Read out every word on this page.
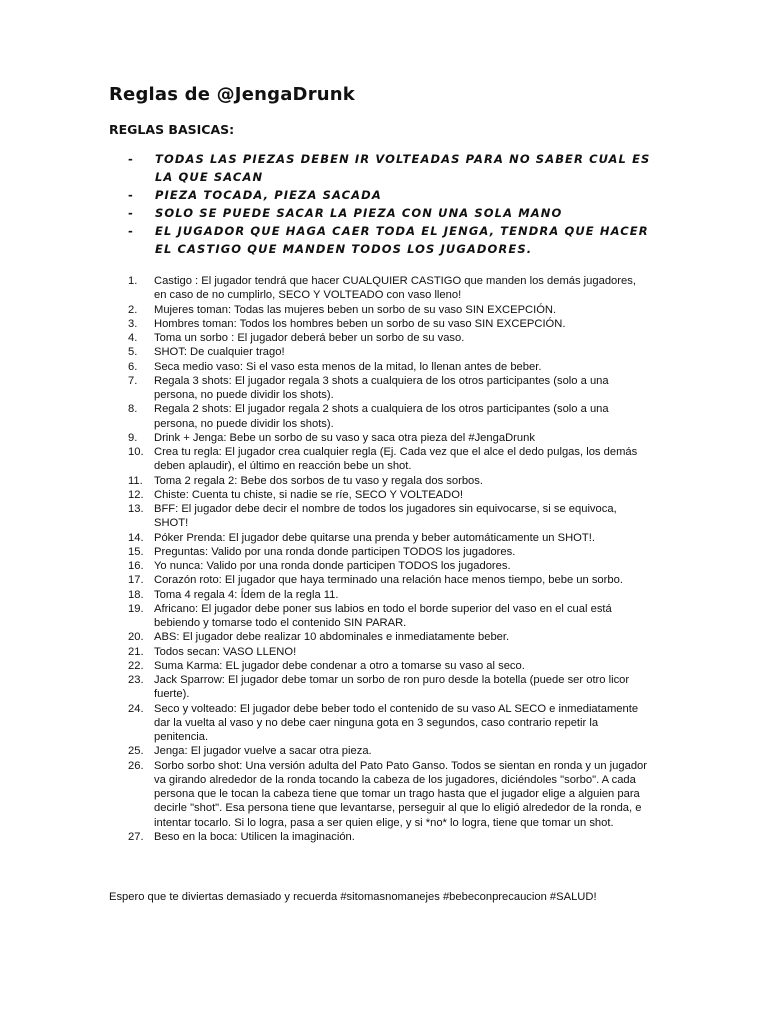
Reglas de @JengaDrunk
REGLAS BASICAS:
- TODAS LAS PIEZAS DEBEN IR VOLTEADAS PARA NO SABER CUAL ES LA QUE SACAN
- PIEZA TOCADA, PIEZA SACADA
- SOLO SE PUEDE SACAR LA PIEZA CON UNA SOLA MANO
- EL JUGADOR QUE HAGA CAER TODA EL JENGA, TENDRA QUE HACER EL CASTIGO QUE MANDEN TODOS LOS JUGADORES.
1. Castigo : El jugador tendrá que hacer CUALQUIER CASTIGO que manden los demás jugadores, en caso de no cumplirlo, SECO Y VOLTEADO con vaso lleno!
2. Mujeres toman: Todas las mujeres beben un sorbo de su vaso SIN EXCEPCIÓN.
3. Hombres toman: Todos los hombres beben un sorbo de su vaso SIN EXCEPCIÓN.
4. Toma un sorbo : El jugador deberá beber un sorbo de su vaso.
5. SHOT: De cualquier trago!
6. Seca medio vaso: Si el vaso esta menos de la mitad, lo llenan antes de beber.
7. Regala 3 shots: El jugador regala 3 shots a cualquiera de los otros participantes (solo a una persona, no puede dividir los shots).
8. Regala 2 shots: El jugador regala 2 shots a cualquiera de los otros participantes (solo a una persona, no puede dividir los shots).
9. Drink + Jenga: Bebe un sorbo de su vaso y saca otra pieza del #JengaDrunk
10. Crea tu regla: El jugador crea cualquier regla (Ej. Cada vez que el alce el dedo pulgas, los demás deben aplaudir), el último en reacción bebe un shot.
11. Toma 2 regala 2: Bebe dos sorbos de tu vaso y regala dos sorbos.
12. Chiste: Cuenta tu chiste, si nadie se ríe, SECO Y VOLTEADO!
13. BFF: El jugador debe decir el nombre de todos los jugadores sin equivocarse, si se equivoca, SHOT!
14. Póker Prenda: El jugador debe quitarse una prenda y beber automáticamente un SHOT!.
15. Preguntas: Valido por una ronda donde participen TODOS los jugadores.
16. Yo nunca: Valido por una ronda donde participen TODOS los jugadores.
17. Corazón roto: El jugador que haya terminado una relación hace menos tiempo, bebe un sorbo.
18. Toma 4 regala 4: Ídem de la regla 11.
19. Africano: El jugador debe poner sus labios en todo el borde superior del vaso en el cual está bebiendo y tomarse todo el contenido SIN PARAR.
20. ABS: El jugador debe realizar 10 abdominales e inmediatamente beber.
21. Todos secan: VASO LLENO!
22. Suma Karma: EL jugador debe condenar a otro a tomarse su vaso al seco.
23. Jack Sparrow: El jugador debe tomar un sorbo de ron puro desde la botella (puede ser otro licor fuerte).
24. Seco y volteado: El jugador debe beber todo el contenido de su vaso AL SECO e inmediatamente dar la vuelta al vaso y no debe caer ninguna gota en 3 segundos, caso contrario repetir la penitencia.
25. Jenga: El jugador vuelve a sacar otra pieza.
26. Sorbo sorbo shot: Una versión adulta del Pato Pato Ganso. Todos se sientan en ronda y un jugador va girando alrededor de la ronda tocando la cabeza de los jugadores, diciéndoles "sorbo". A cada persona que le tocan la cabeza tiene que tomar un trago hasta que el jugador elige a alguien para decirle "shot". Esa persona tiene que levantarse, perseguir al que lo eligió alrededor de la ronda, e intentar tocarlo. Si lo logra, pasa a ser quien elige, y si *no* lo logra, tiene que tomar un shot.
27. Beso en la boca: Utilicen la imaginación.

Espero que te diviertas demasiado y recuerda #sitomasnomanejes #bebeconprecaucion #SALUD!
